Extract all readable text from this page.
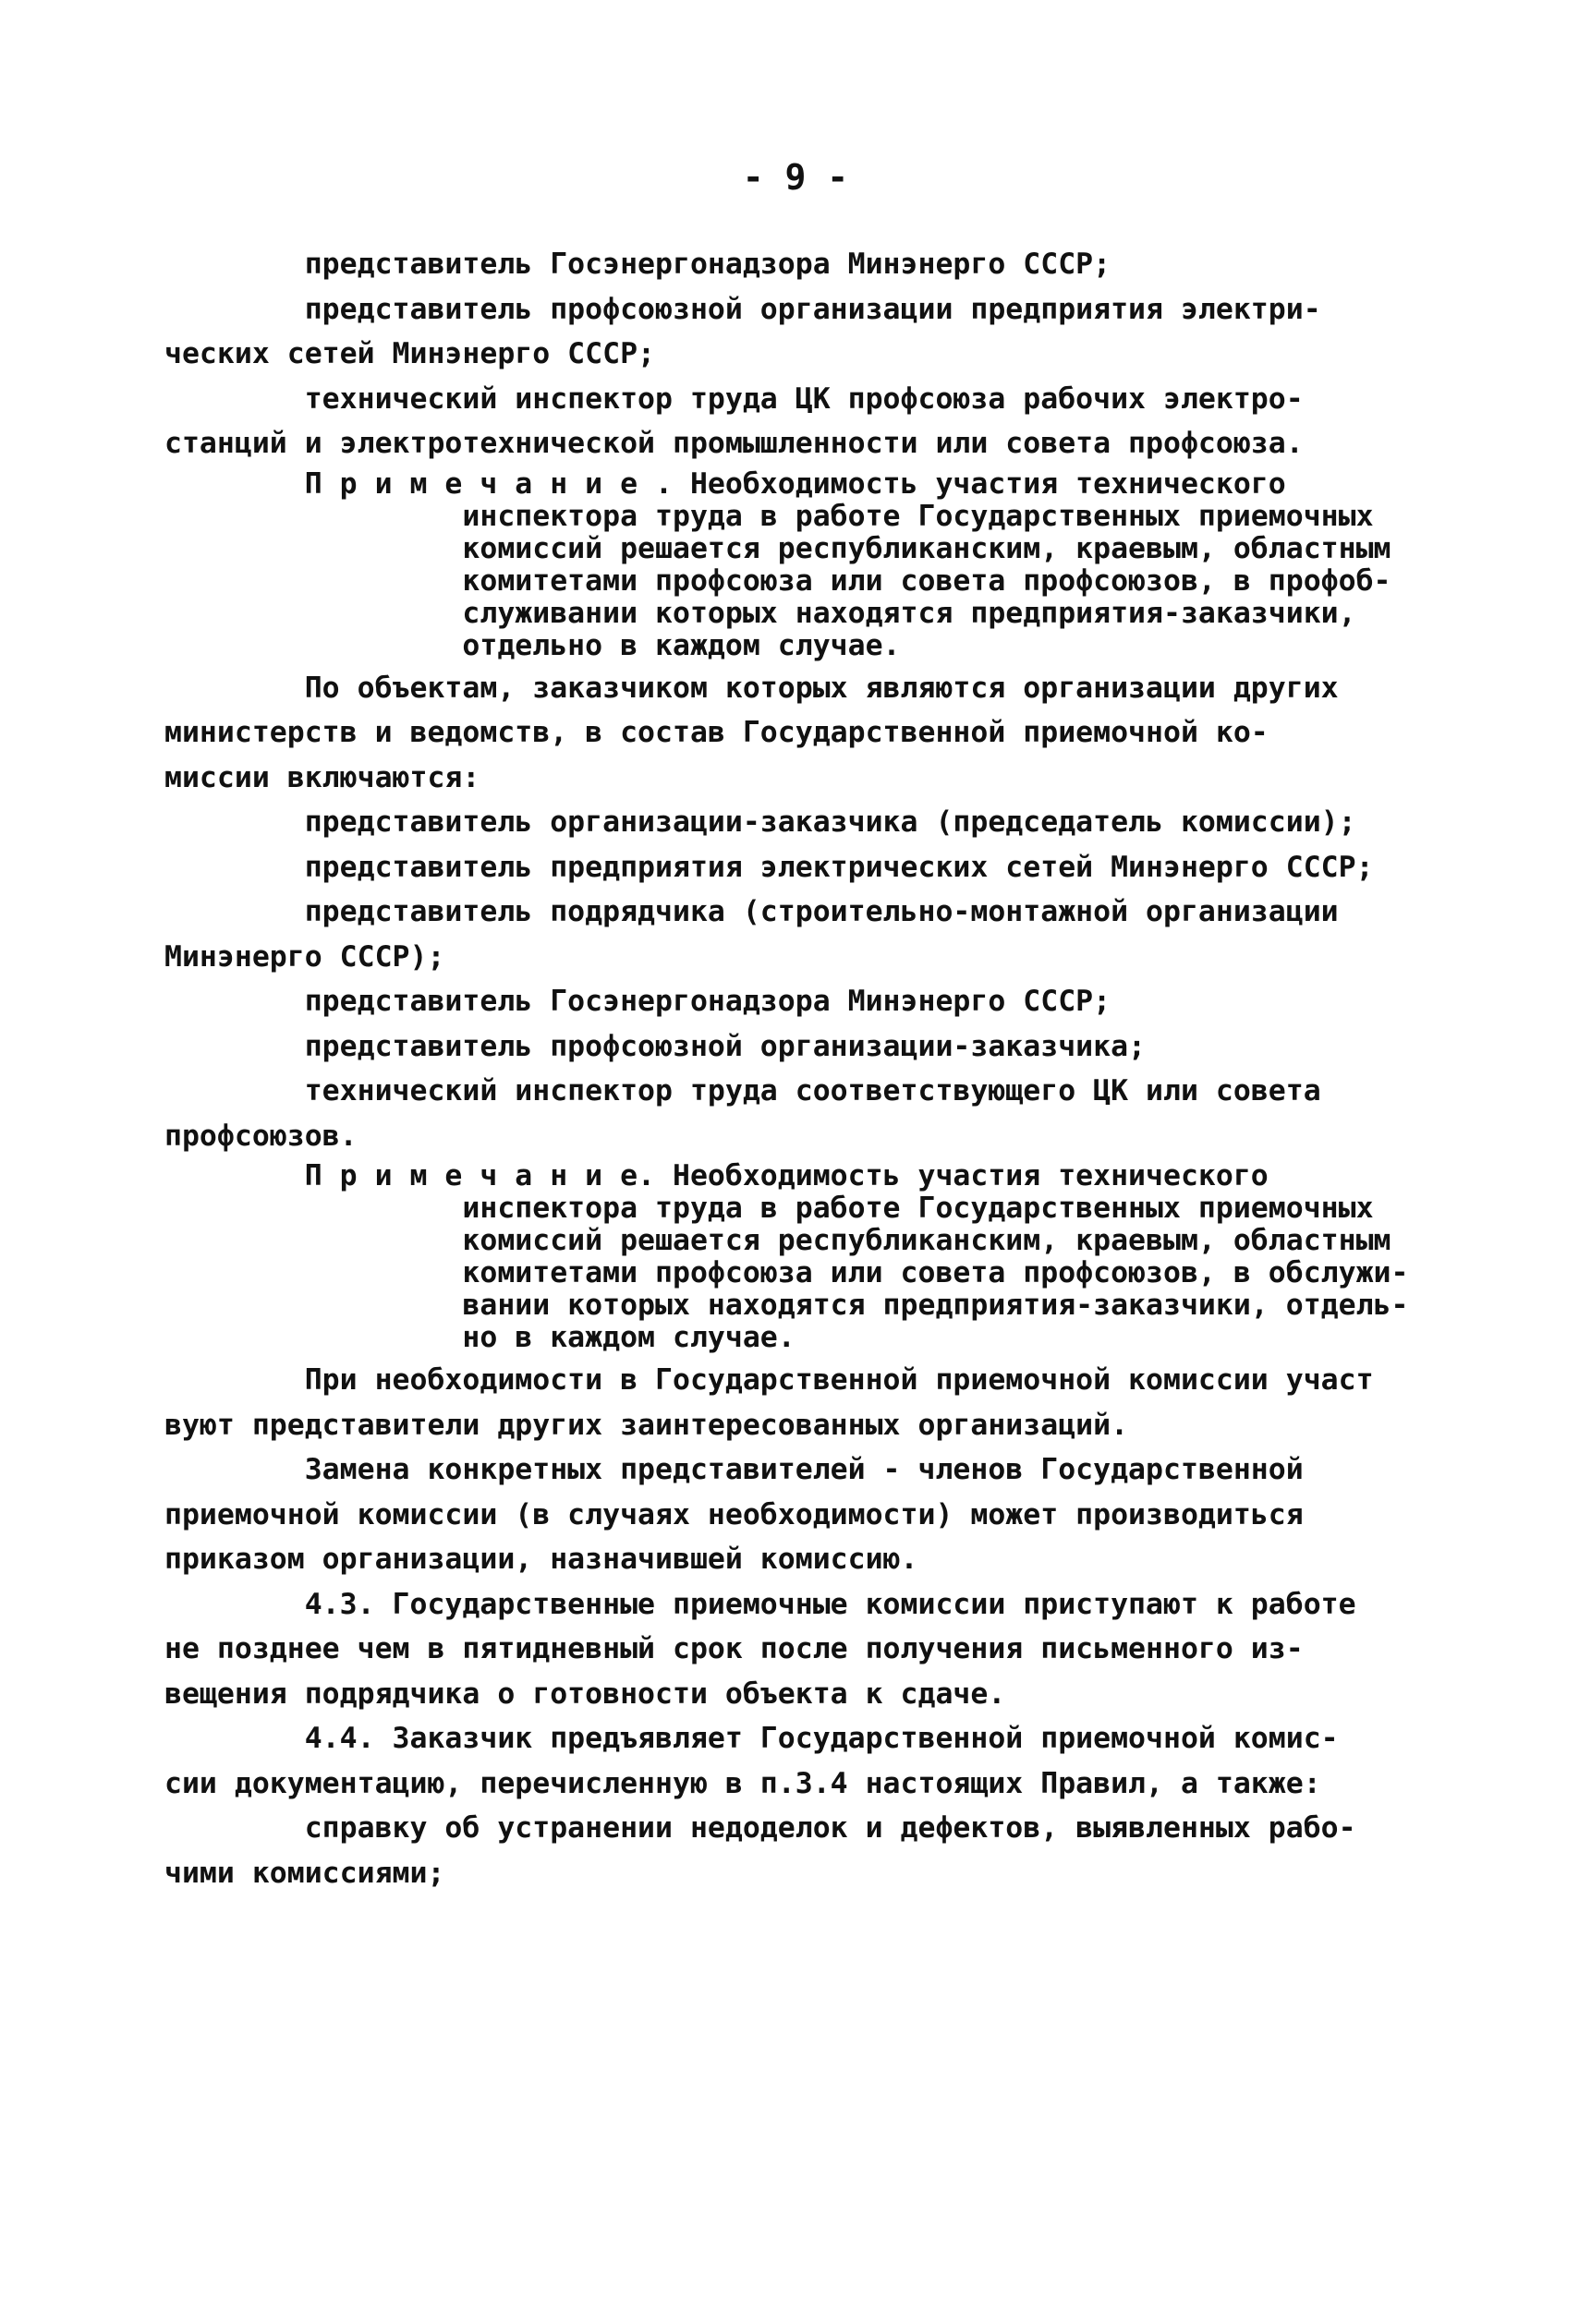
- 9 -
представитель Госэнергонадзора Минэнерго СССР;
представитель профсоюзной организации предприятия электри-
ческих сетей Минэнерго СССР;
технический инспектор труда ЦК профсоюза рабочих электро-
станций и электротехнической промышленности или совета профсоюза.
П р и м е ч а н и е . Необходимость участия технического
инспектора труда в работе Государственных приемочных
комиссий решается республиканским, краевым, областным
комитетами профсоюза или совета профсоюзов, в профоб-
служивании которых находятся предприятия-заказчики,
отдельно в каждом случае.
По объектам, заказчиком которых являются организации других
министерств и ведомств, в состав Государственной приемочной ко-
миссии включаются:
представитель организации-заказчика (председатель комиссии);
представитель предприятия электрических сетей Минэнерго СССР;
представитель подрядчика (строительно-монтажной организации
Минэнерго СССР);
представитель Госэнергонадзора Минэнерго СССР;
представитель профсоюзной организации-заказчика;
технический инспектор труда соответствующего ЦК или совета
профсоюзов.
П р и м е ч а н и е. Необходимость участия технического
инспектора труда в работе Государственных приемочных
комиссий решается республиканским, краевым, областным
комитетами профсоюза или совета профсоюзов, в обслужи-
вании которых находятся предприятия-заказчики, отдель-
но в каждом случае.
При необходимости в Государственной приемочной комиссии участ
вуют представители других заинтересованных организаций.
Замена конкретных представителей - членов Государственной
приемочной комиссии (в случаях необходимости) может производиться
приказом организации, назначившей комиссию.
4.3. Государственные приемочные комиссии приступают к работе
не позднее чем в пятидневный срок после получения письменного из-
вещения подрядчика о готовности объекта к сдаче.
4.4. Заказчик предъявляет Государственной приемочной комис-
сии документацию, перечисленную в п.3.4 настоящих Правил, а также:
справку об устранении недоделок и дефектов, выявленных рабо-
чими комиссиями;
